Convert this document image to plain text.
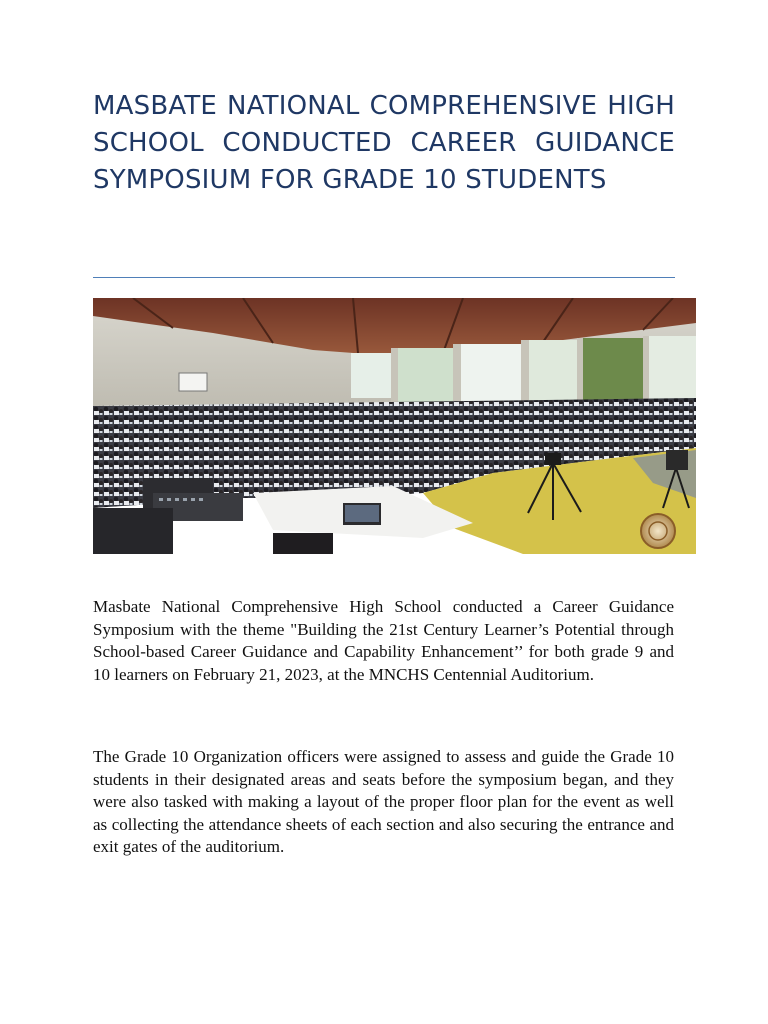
MASBATE NATIONAL COMPREHENSIVE HIGH SCHOOL CONDUCTED CAREER GUIDANCE SYMPOSIUM FOR GRADE 10 STUDENTS

Masbate National Comprehensive High School conducted a Career Guidance Symposium with the theme "Building the 21st Century Learner’s Potential through School-based Career Guidance and Capability Enhancement’’ for both grade 9 and 10 learners on February 21, 2023, at the MNCHS Centennial Auditorium.

The Grade 10 Organization officers were assigned to assess and guide the Grade 10 students in their designated areas and seats before the symposium began, and they were also tasked with making a layout of the proper floor plan for the event as well as collecting the attendance sheets of each section and also securing the entrance and exit gates of the auditorium.
